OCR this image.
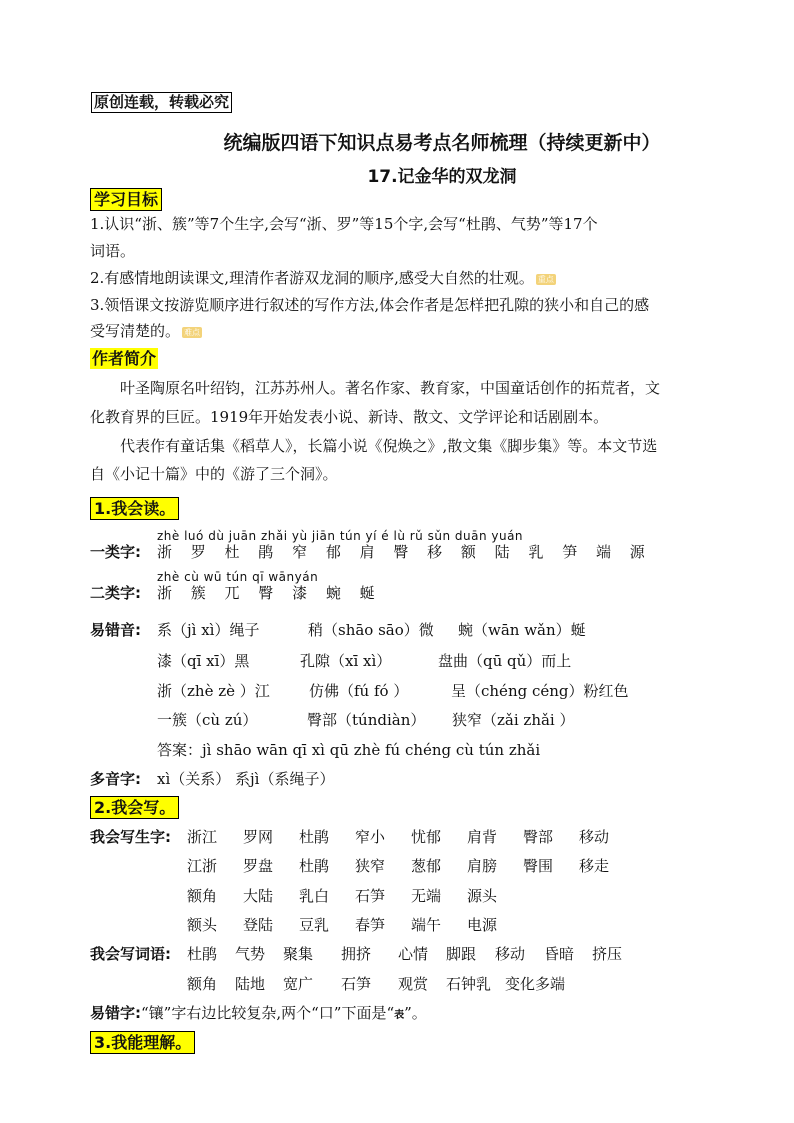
原创连载，转载必究
统编版四语下知识点易考点名师梳理（持续更新中）
17.记金华的双龙洞
学习目标
1.认识“浙、簇”等7个生字,会写“浙、罗”等15个字,会写“杜鹃、气势”等17个
词语。
2.有感情地朗读课文,理清作者游双龙洞的顺序,感受大自然的壮观。 重点
3.领悟课文按游览顺序进行叙述的写作方法,体会作者是怎样把孔隙的狭小和自己的感
受写清楚的。 难点
作者简介
叶圣陶原名叶绍钧，江苏苏州人。著名作家、教育家，中国童话创作的拓荒者，文
化教育界的巨匠。1919年开始发表小说、新诗、散文、文学评论和话剧剧本。
代表作有童话集《稻草人》，长篇小说《倪焕之》,散文集《脚步集》等。本文节选
自《小记十篇》中的《游了三个洞》。
1.我会读。
zhè luó dù juān zhǎi yù jiān tún yí é lù rǔ sǔn duān yuán
一类字: 浙 罗 杜 鹃 窄 郁 肩 臀 移 额 陆 乳 笋 端 源
zhè cù wū tún qī wānyán
二类字: 浙 簇 兀 臀 漆 蜿 蜒
易错音: 系（jì xì）绳子	稍（shāo sāo）微 蜿（wān wǎn）蜒
漆（qī xī）黑	孔隙（xī xì）	盘曲（qū qǔ）而上
浙（zhè zè ）江	仿佛（fú fó ）	呈（chéng céng）粉红色
一簇（cù zú）	臀部（túndiàn） 狭窄（zǎi zhǎi ）
答案：jì shāo wān qī xì qū zhè fú chéng cù tún zhǎi
多音字: xì（关系） 系jì（系绳子）
2.我会写。
我会写生字: 浙江 罗网 杜鹃 窄小 忧郁 肩背 臀部 移动
江浙 罗盘 杜鹃 狭窄 葱郁 肩膀 臀围 移走
额角 大陆 乳白 石笋 无端 源头
额头 登陆 豆乳 春笋 端午 电源
我会写词语: 杜鹃 气势 聚集 拥挤 心情 脚跟 移动 昏暗 挤压
额角 陆地 宽广 石笋 观赏 石钟乳 变化多端
易错字:“镶”字右边比较复杂,两个“口”下面是“表”。
3.我能理解。
